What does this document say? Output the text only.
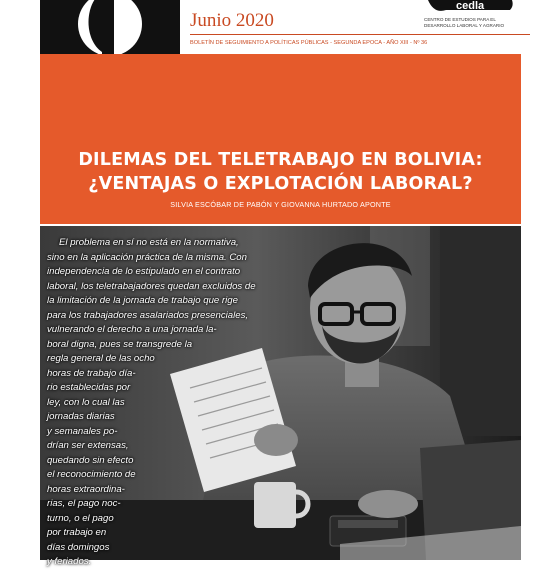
Junio 2020
cedla
CENTRO DE ESTUDIOS PARA EL
DESARROLLO LABORAL Y AGRARIO
BOLETÍN DE SEGUIMIENTO A POLÍTICAS PÚBLICAS - SEGUNDA EPOCA - AÑO XIII - Nº 36
DILEMAS DEL TELETRABAJO EN BOLIVIA:
¿VENTAJAS O EXPLOTACIÓN LABORAL?
SILVIA ESCÓBAR DE PABÓN Y GIOVANNA HURTADO APONTE
El problema en sí no está en la normativa,
sino en la aplicación práctica de la misma. Con
independencia de lo estipulado en el contrato
laboral, los teletrabajadores quedan excluidos de
la limitación de la jornada de trabajo que rige
para los trabajadores asalariados presenciales,
vulnerando el derecho a una jornada la-
boral digna, pues se transgrede la
regla general de las ocho
horas de trabajo día-
rio establecidas por
ley, con lo cual las
jornadas diarias
y semanales po-
drían ser extensas,
quedando sin efecto
el reconocimiento de
horas extraordina-
rias, el pago noc-
turno, o el pago
por trabajo en
días domingos
y feriados.
